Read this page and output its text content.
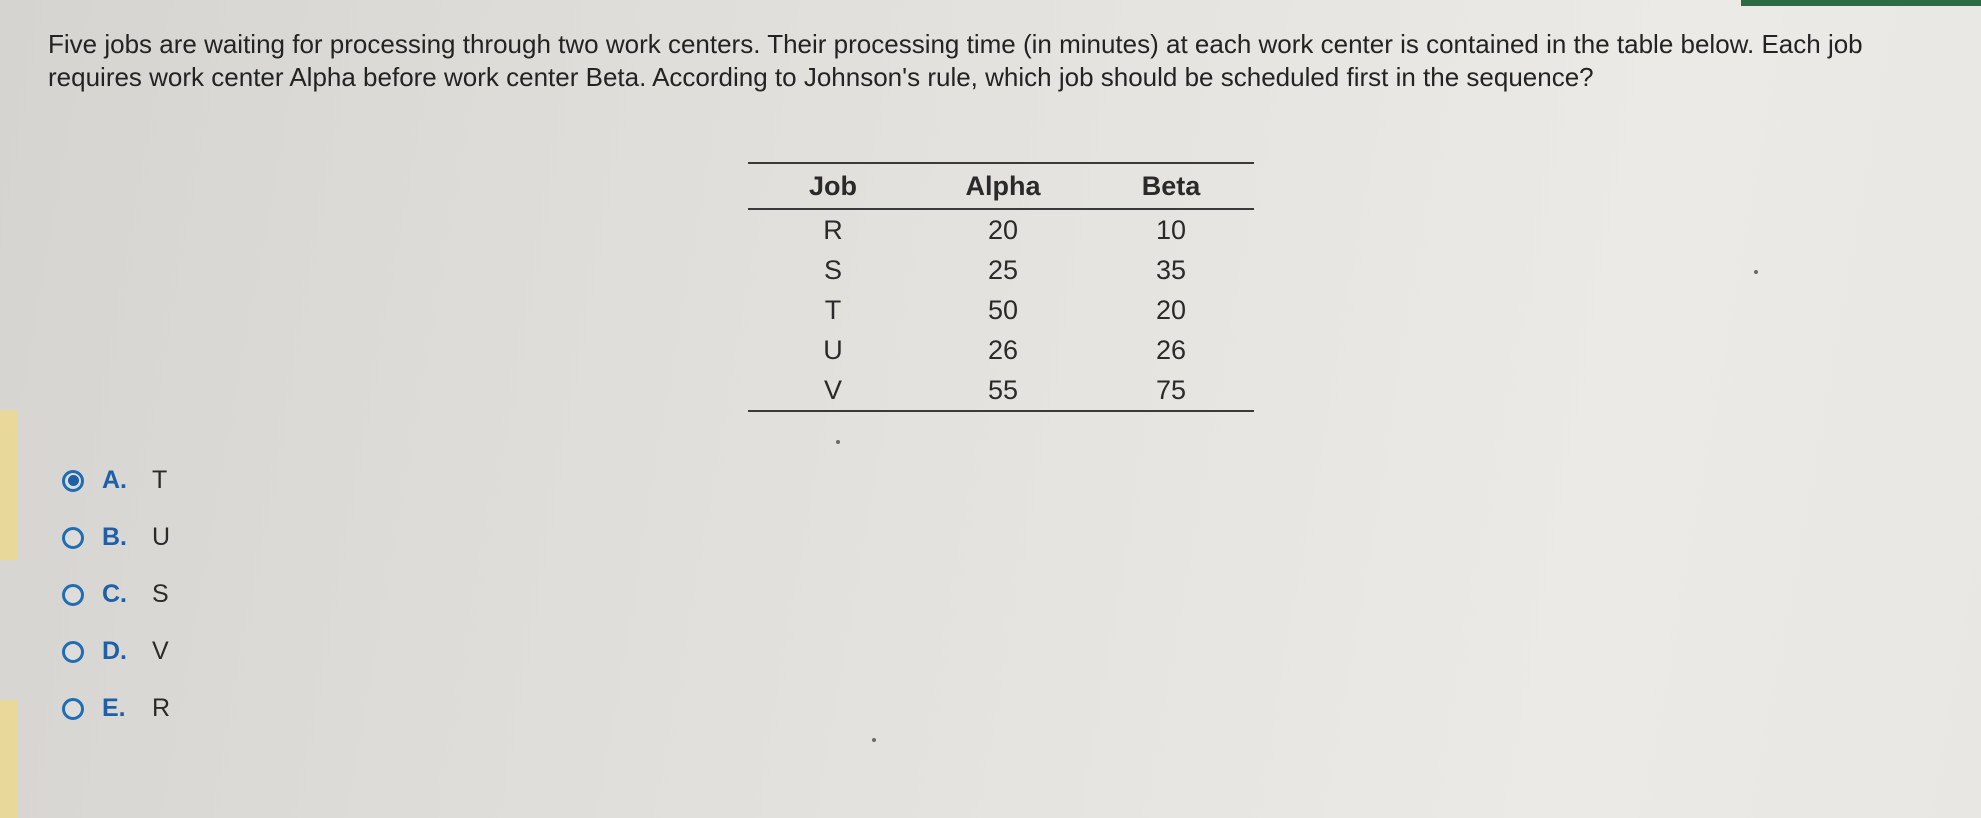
Five jobs are waiting for processing through two work centers. Their processing time (in minutes) at each work center is contained in the table below. Each job requires work center Alpha before work center Beta. According to Johnson's rule, which job should be scheduled first in the sequence?
Job	Alpha	Beta
R	20	10
S	25	35
T	50	20
U	26	26
V	55	75
A.	T
B.	U
C.	S
D.	V
E.	R
